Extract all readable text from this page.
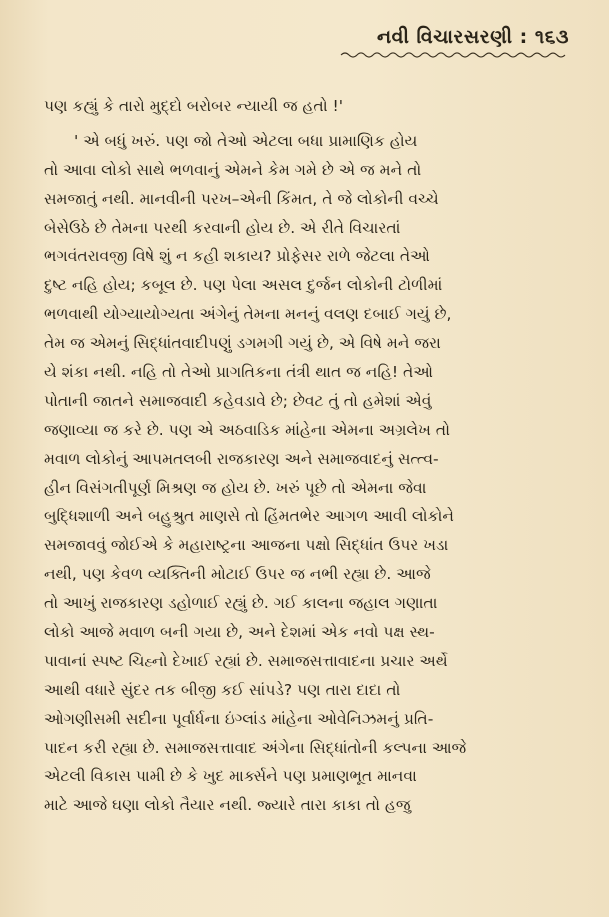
નવી વિચારસરણી : ૧૬૩
પણ કહ્યું કે તારો મુદ્દો બરોબર ન્યાયી જ હતો !'
' એ બધું ખરું. પણ જો તેઓ એટલા બધા પ્રામાણિક હોય
તો આવા લોકો સાથે ભળવાનું એમને કેમ ગમે છે એ જ મને તો
સમજાતું નથી. માનવીની પરખ–એની કિંમત, તે જે લોકોની વચ્ચે
બેસેઉઠે છે તેમના પરથી કરવાની હોય છે. એ રીતે વિચારતાં
ભગવંતરાવજી વિષે શું ન કહી શકાય? પ્રોફેસર રાળે જેટલા તેઓ
દુષ્ટ નહિ હોય; કબૂલ છે. પણ પેલા અસલ દુર્જન લોકોની ટોળીમાં
ભળવાથી યોગ્યાયોગ્યતા અંગેનું તેમના મનનું વલણ દબાઈ ગયું છે,
તેમ જ એમનું સિદ્ધાંતવાદીપણું ડગમગી ગયું છે, એ વિષે મને જરા
યે શંકા નથી. નહિ તો તેઓ પ્રાગતિકના તંત્રી થાત જ નહિ! તેઓ
પોતાની જાતને સમાજવાદી કહેવડાવે છે; છેવટ તું તો હમેશાં એવું
જણાવ્યા જ કરે છે. પણ એ અઠવાડિક માંહેના એમના અગ્રલેખ તો
મવાળ લોકોનું આપમતલબી રાજકારણ અને સમાજવાદનું સત્ત્વ-
હીન વિસંગતીપૂર્ણ મિશ્રણ જ હોય છે. ખરું પૂછે તો એમના જેવા
બુદ્ધિશાળી અને બહુશ્રુત માણસે તો હિંમતભેર આગળ આવી લોકોને
સમજાવવું જોઈએ કે મહારાષ્ટ્રના આજના પક્ષો સિદ્ધાંત ઉપર ખડા
નથી, પણ કેવળ વ્યક્તિની મોટાઈ ઉપર જ નભી રહ્યા છે. આજે
તો આખું રાજકારણ ડહોળાઈ રહ્યું છે. ગઈ કાલના જહાલ ગણાતા
લોકો આજે મવાળ બની ગયા છે, અને દેશમાં એક નવો પક્ષ સ્થ-
પાવાનાં સ્પષ્ટ ચિહ્નો દેખાઈ રહ્યાં છે. સમાજસત્તાવાદના પ્રચાર અર્થે
આથી વધારે સુંદર તક બીજી કઈ સાંપડે? પણ તારા દાદા તો
ઓગણીસમી સદીના પૂર્વાર્ધના ઇંગ્લાંડ માંહેના ઓવેનિઝમનું પ્રતિ-
પાદન કરી રહ્યા છે. સમાજસત્તાવાદ અંગેના સિદ્ધાંતોની કલ્પના આજે
એટલી વિકાસ પામી છે કે ખુદ માર્ક્સને પણ પ્રમાણભૂત માનવા
માટે આજે ઘણા લોકો તૈયાર નથી. જ્યારે તારા કાકા તો હજુ
